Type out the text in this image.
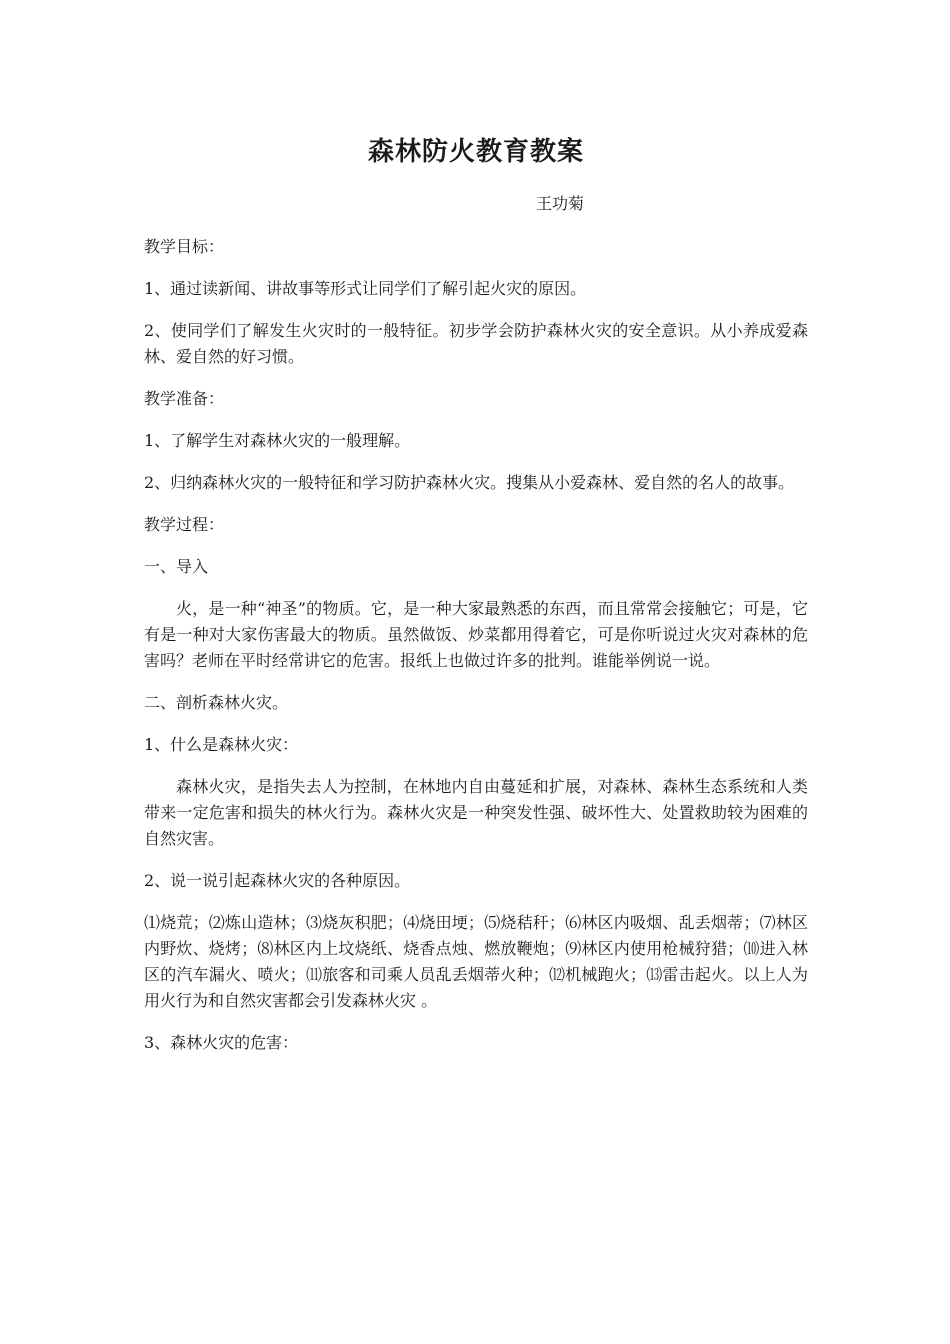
森林防火教育教案
王功菊

教学目标：

1、通过读新闻、讲故事等形式让同学们了解引起火灾的原因。

2、使同学们了解发生火灾时的一般特征。初步学会防护森林火灾的安全意识。从小养成爱森林、爱自然的好习惯。

教学准备：

1、了解学生对森林火灾的一般理解。

2、归纳森林火灾的一般特征和学习防护森林火灾。搜集从小爱森林、爱自然的名人的故事。

教学过程：

一、导入

火，是一种“神圣”的物质。它，是一种大家最熟悉的东西，而且常常会接触它；可是，它有是一种对大家伤害最大的物质。虽然做饭、炒菜都用得着它，可是你听说过火灾对森林的危害吗？老师在平时经常讲它的危害。报纸上也做过许多的批判。谁能举例说一说。

二、剖析森林火灾。

1、什么是森林火灾：

森林火灾，是指失去人为控制，在林地内自由蔓延和扩展，对森林、森林生态系统和人类带来一定危害和损失的林火行为。森林火灾是一种突发性强、破坏性大、处置救助较为困难的自然灾害。

2、说一说引起森林火灾的各种原因。

⑴烧荒；⑵炼山造林；⑶烧灰积肥；⑷烧田埂；⑸烧秸秆；⑹林区内吸烟、乱丢烟蒂；⑺林区内野炊、烧烤；⑻林区内上坟烧纸、烧香点烛、燃放鞭炮；⑼林区内使用枪械狩猎；⑽进入林区的汽车漏火、喷火；⑾旅客和司乘人员乱丢烟蒂火种；⑿机械跑火；⒀雷击起火。以上人为用火行为和自然灾害都会引发森林火灾 。

3、森林火灾的危害：
